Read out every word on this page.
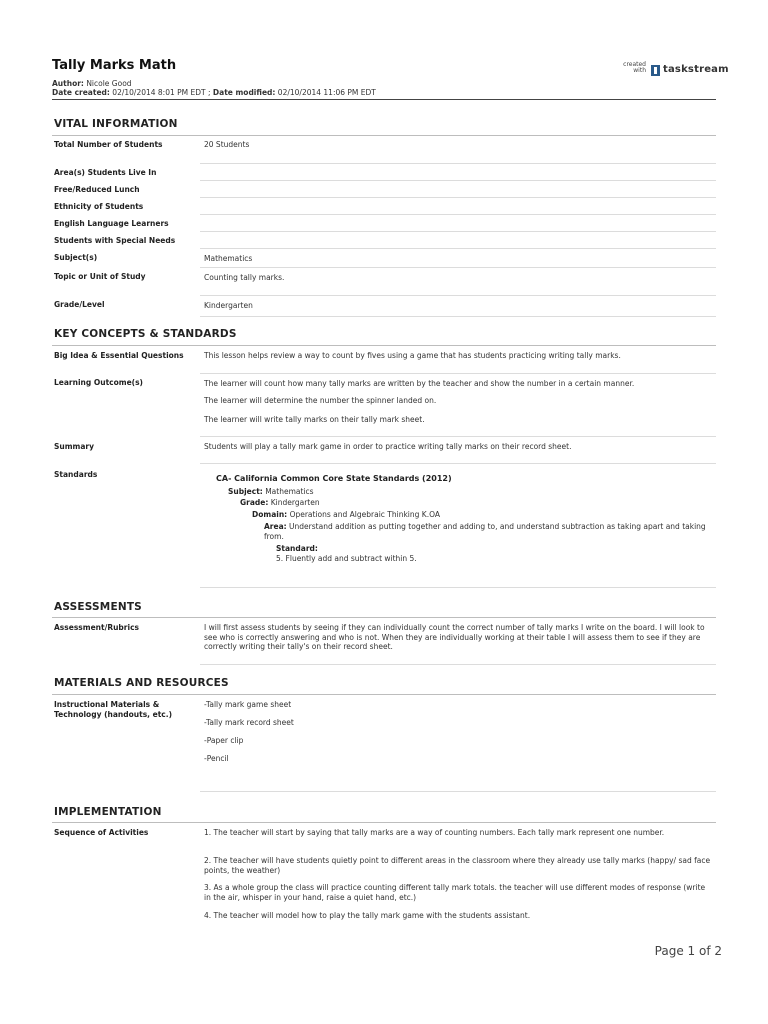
Tally Marks Math
Author: Nicole Good
Date created: 02/10/2014 8:01 PM EDT ; Date modified: 02/10/2014 11:06 PM EDT
created
with taskstream
VITAL INFORMATION
Total Number of Students	20 Students
Area(s) Students Live In
Free/Reduced Lunch
Ethnicity of Students
English Language Learners
Students with Special Needs
Subject(s)	Mathematics
Topic or Unit of Study	Counting tally marks.
Grade/Level	Kindergarten
KEY CONCEPTS & STANDARDS
Big Idea & Essential Questions	This lesson helps review a way to count by fives using a game that has students practicing writing tally marks.
Learning Outcome(s)	The learner will count how many tally marks are written by the teacher and show the number in a certain manner.
The learner will determine the number the spinner landed on.
The learner will write tally marks on their tally mark sheet.
Summary	Students will play a tally mark game in order to practice writing tally marks on their record sheet.
Standards	CA- California Common Core State Standards (2012)
Subject: Mathematics
Grade: Kindergarten
Domain: Operations and Algebraic Thinking K.OA
Area: Understand addition as putting together and adding to, and understand subtraction as taking apart and taking from.
Standard:
5. Fluently add and subtract within 5.
ASSESSMENTS
Assessment/Rubrics	I will first assess students by seeing if they can individually count the correct number of tally marks I write on the board. I will look to see who is correctly answering and who is not. When they are individually working at their table I will assess them to see if they are correctly writing their tally's on their record sheet.
MATERIALS AND RESOURCES
Instructional Materials & Technology (handouts, etc.)
-Tally mark game sheet
-Tally mark record sheet
-Paper clip
-Pencil
IMPLEMENTATION
Sequence of Activities	1. The teacher will start by saying that tally marks are a way of counting numbers. Each tally mark represent one number.
2. The teacher will have students quietly point to different areas in the classroom where they already use tally marks (happy/ sad face points, the weather)
3. As a whole group the class will practice counting different tally mark totals. the teacher will use different modes of response (write in the air, whisper in your hand, raise a quiet hand, etc.)
4. The teacher will model how to play the tally mark game with the students assistant.
Page 1 of 2
